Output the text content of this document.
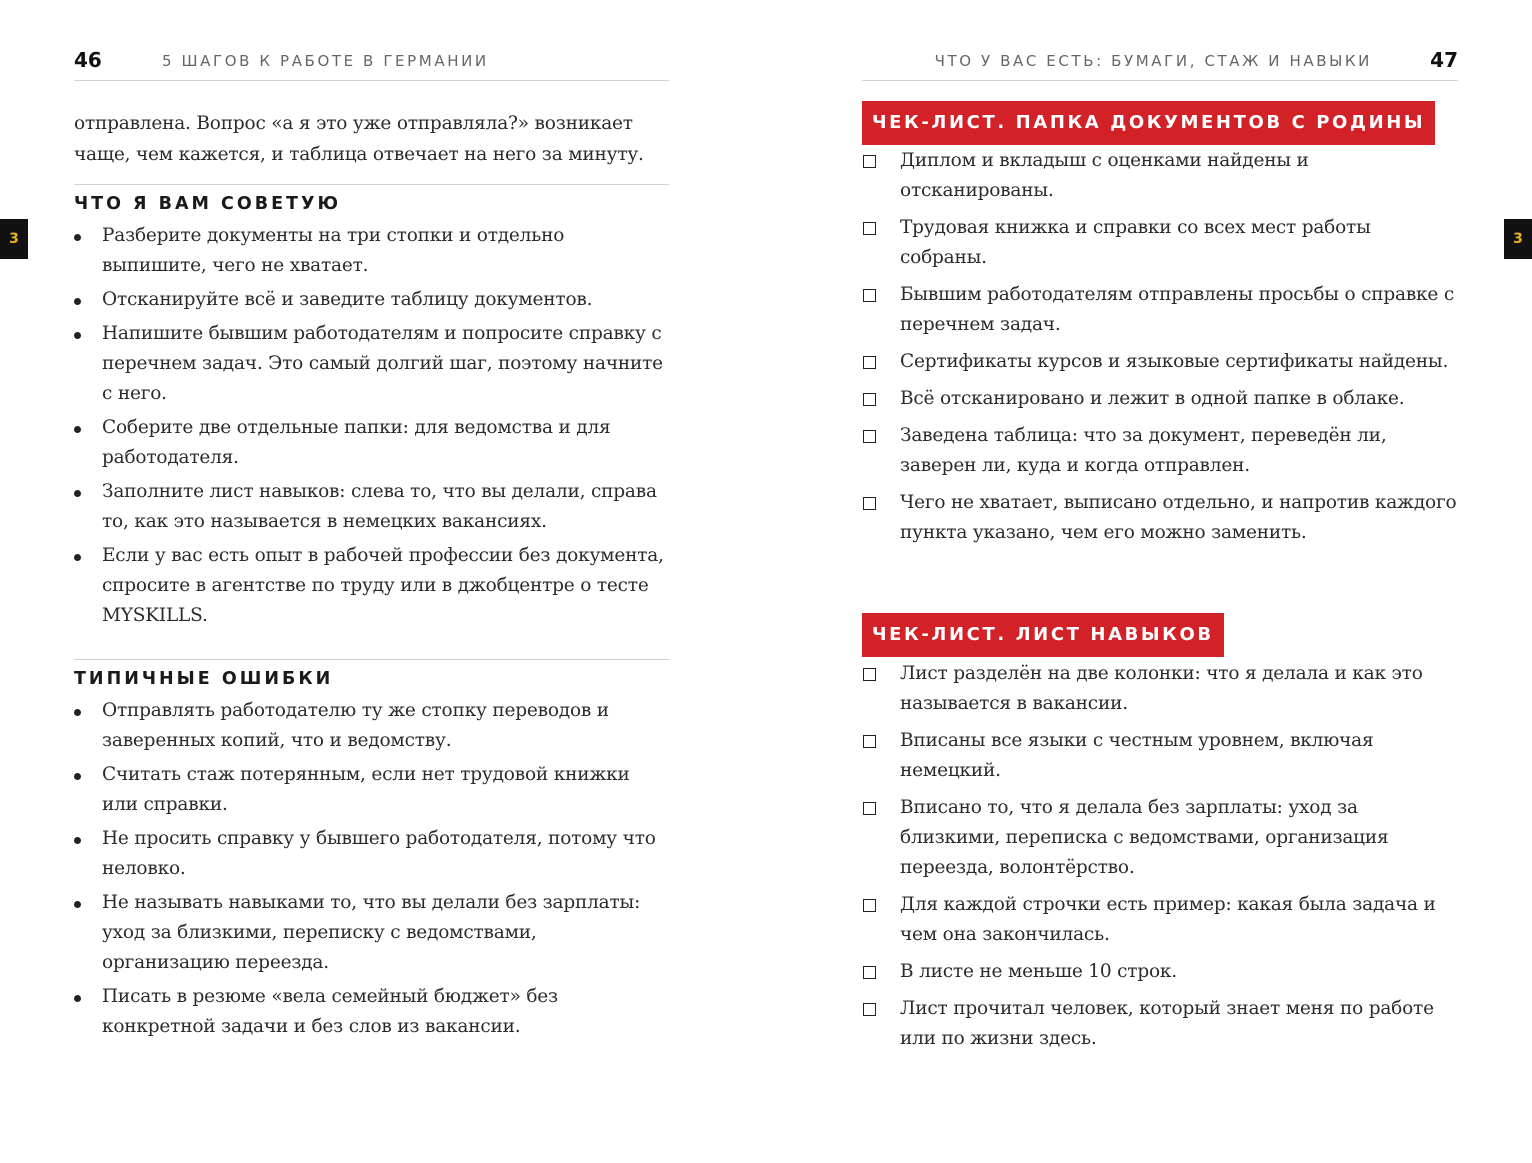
46	5 ШАГОВ К РАБОТЕ В ГЕРМАНИИ
3

отправлена. Вопрос «а я это уже отправляла?» возникает чаще, чем кажется, и таблица отвечает на него за минуту.

ЧТО Я ВАМ СОВЕТУЮ
Разберите документы на три стопки и отдельно выпишите, чего не хватает.
Отсканируйте всё и заведите таблицу документов.
Напишите бывшим работодателям и попросите справку с перечнем задач. Это самый долгий шаг, поэтому начните с него.
Соберите две отдельные папки: для ведомства и для работодателя.
Заполните лист навыков: слева то, что вы делали, справа то, как это называется в немецких вакансиях.
Если у вас есть опыт в рабочей профессии без документа, спросите в агентстве по труду или в джобцентре о тесте MYSKILLS.
ТИПИЧНЫЕ ОШИБКИ
Отправлять работодателю ту же стопку переводов и заверенных копий, что и ведомству.
Считать стаж потерянным, если нет трудовой книжки или справки.
Не просить справку у бывшего работодателя, потому что неловко.
Не называть навыками то, что вы делали без зарплаты: уход за близкими, переписку с ведомствами, организацию переезда.
Писать в резюме «вела семейный бюджет» без конкретной задачи и без слов из вакансии.
ЧТО У ВАС ЕСТЬ: БУМАГИ, СТАЖ И НАВЫКИ	47
3
ЧЕК-ЛИСТ. ПАПКА ДОКУМЕНТОВ С РОДИНЫ
Диплом и вкладыш с оценками найдены и отсканированы.
Трудовая книжка и справки со всех мест работы собраны.
Бывшим работодателям отправлены просьбы о справке с перечнем задач.
Сертификаты курсов и языковые сертификаты найдены.
Всё отсканировано и лежит в одной папке в облаке.
Заведена таблица: что за документ, переведён ли, заверен ли, куда и когда отправлен.
Чего не хватает, выписано отдельно, и напротив каждого пункта указано, чем его можно заменить.
ЧЕК-ЛИСТ. ЛИСТ НАВЫКОВ
Лист разделён на две колонки: что я делала и как это называется в вакансии.
Вписаны все языки с честным уровнем, включая немецкий.
Вписано то, что я делала без зарплаты: уход за близкими, переписка с ведомствами, организация переезда, волонтёрство.
Для каждой строчки есть пример: какая была задача и чем она закончилась.
В листе не меньше 10 строк.
Лист прочитал человек, который знает меня по работе или по жизни здесь.
